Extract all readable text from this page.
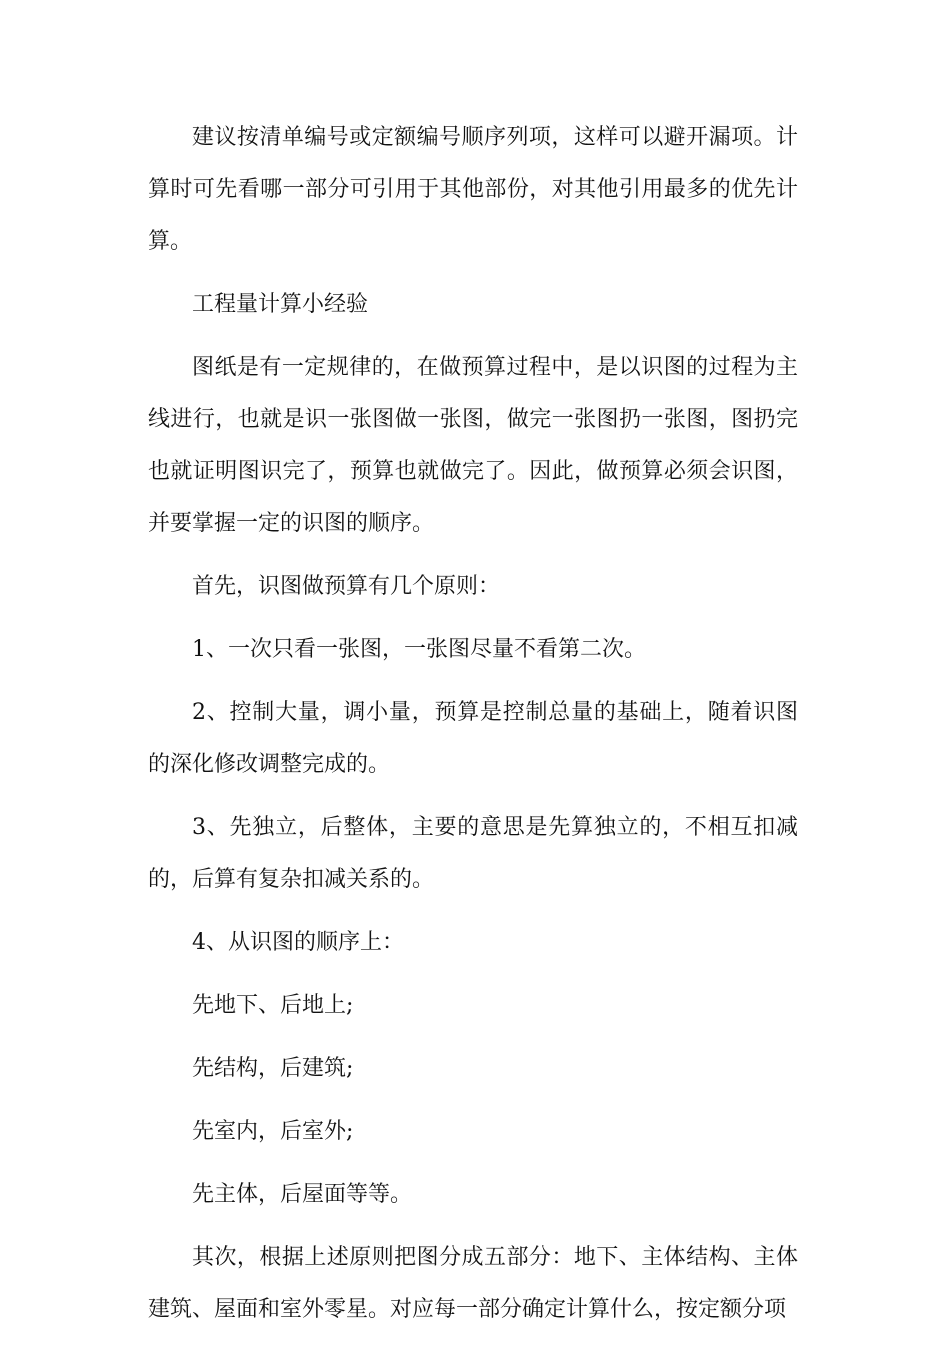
建议按清单编号或定额编号顺序列项，这样可以避开漏项。计算时可先看哪一部分可引用于其他部份，对其他引用最多的优先计算。

工程量计算小经验

图纸是有一定规律的，在做预算过程中，是以识图的过程为主线进行，也就是识一张图做一张图，做完一张图扔一张图，图扔完也就证明图识完了，预算也就做完了。因此，做预算必须会识图，并要掌握一定的识图的顺序。

首先，识图做预算有几个原则：

1、一次只看一张图，一张图尽量不看第二次。

2、控制大量，调小量，预算是控制总量的基础上，随着识图的深化修改调整完成的。

3、先独立，后整体，主要的意思是先算独立的，不相互扣减的，后算有复杂扣减关系的。

4、从识图的顺序上：

先地下、后地上;

先结构，后建筑;

先室内，后室外;

先主体，后屋面等等。

其次，根据上述原则把图分成五部分：地下、主体结构、主体建筑、屋面和室外零星。对应每一部分确定计算什么，按定额分项
